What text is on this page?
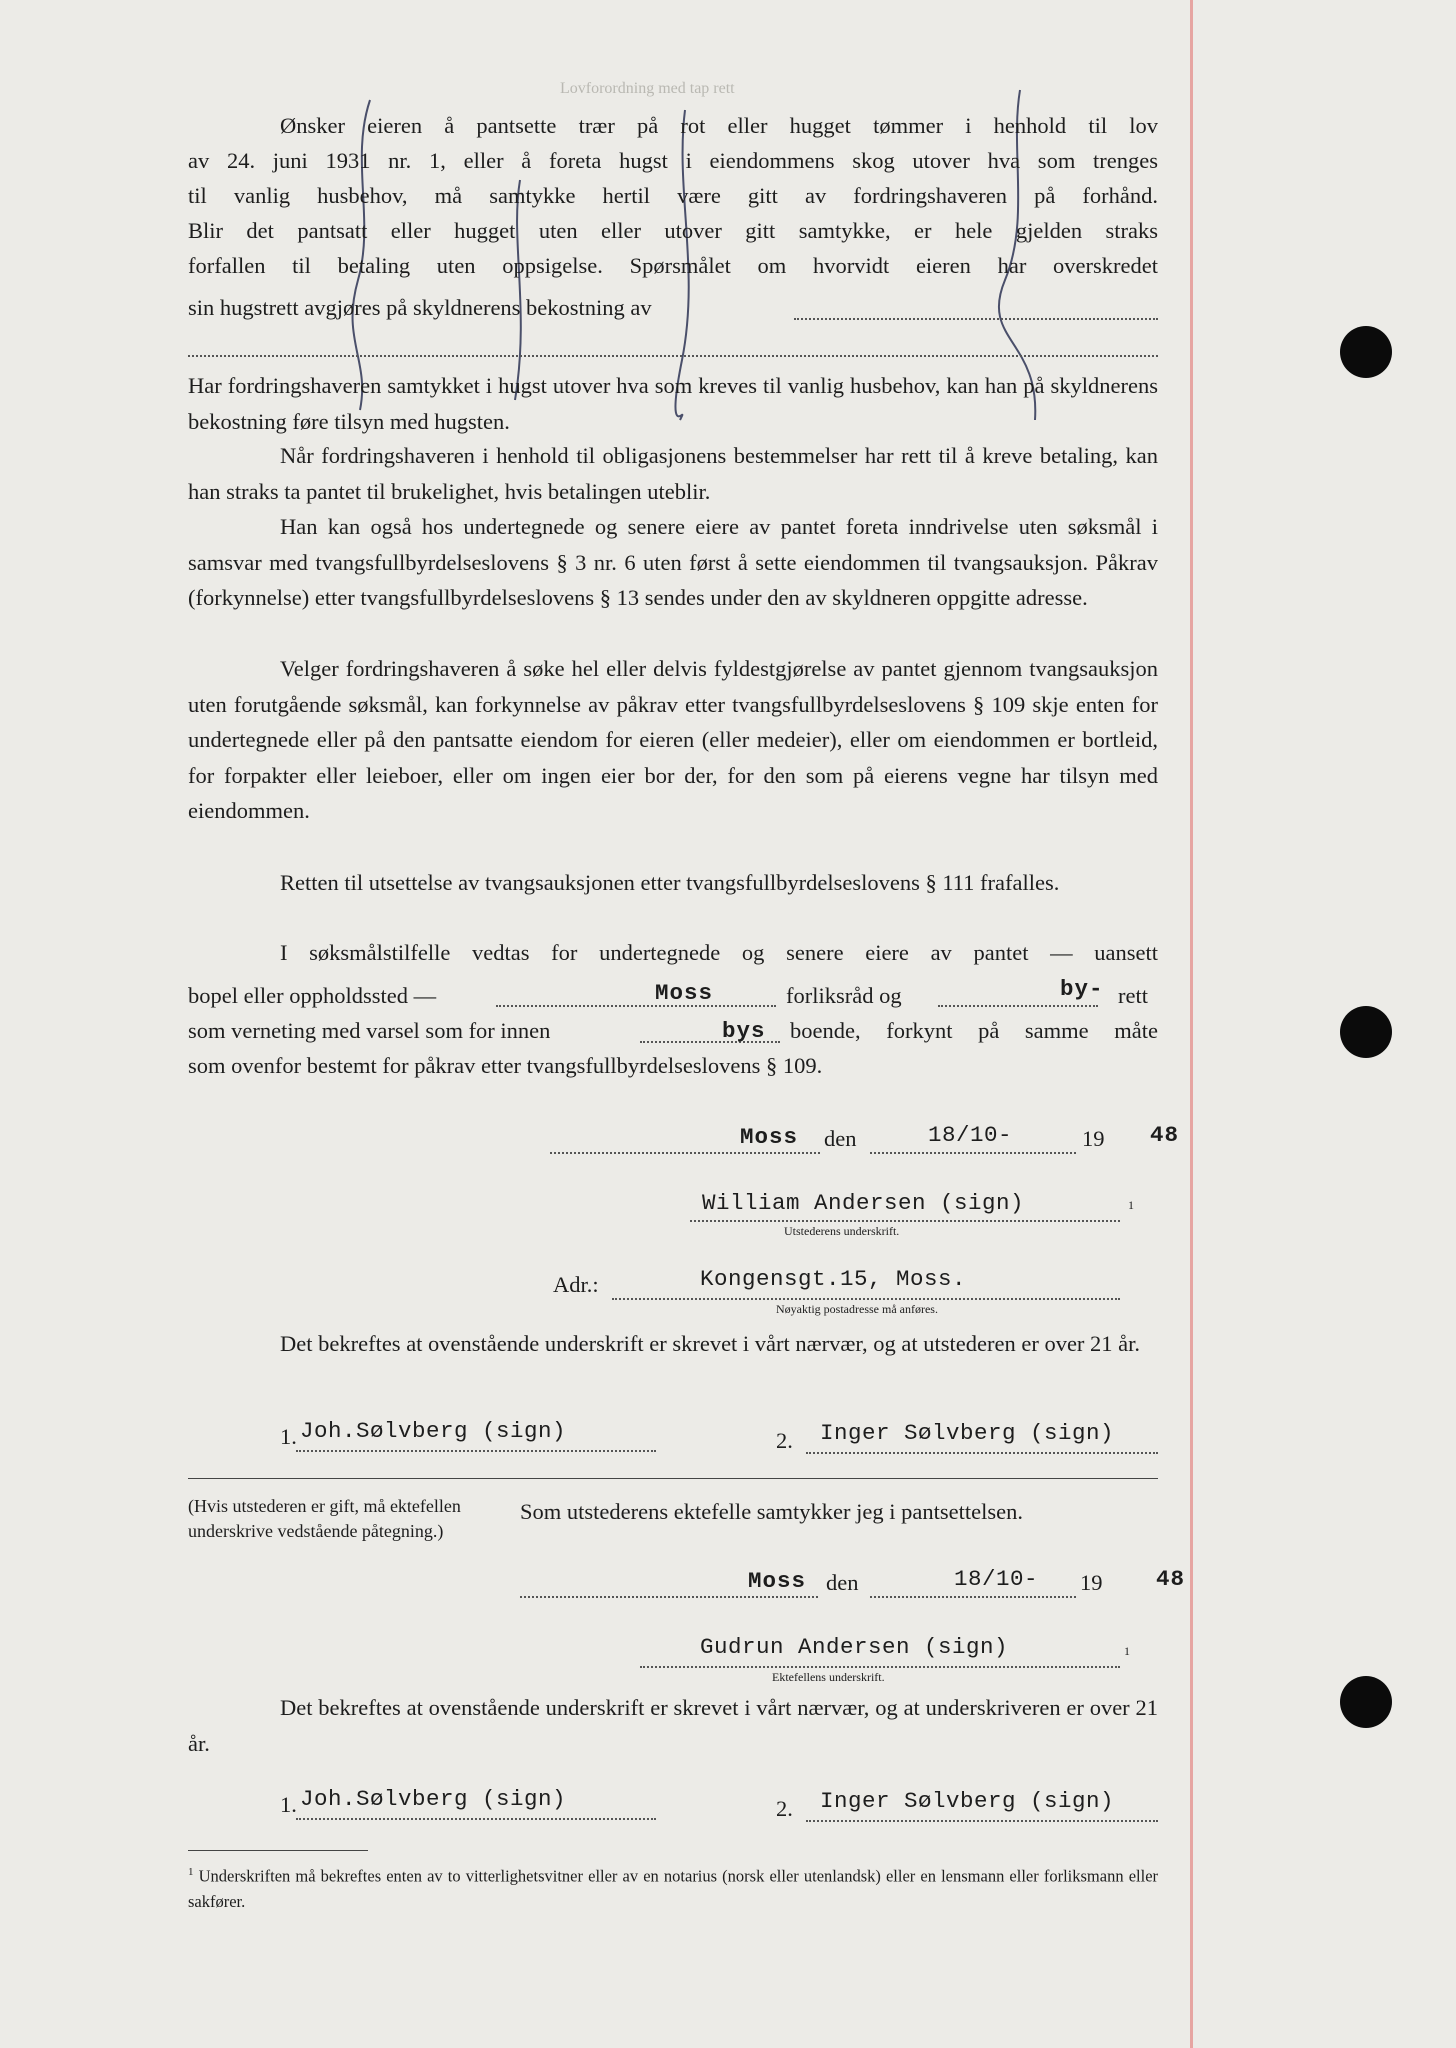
Lovforordning med tap rett
Ønsker eieren å pantsette trær på rot eller hugget tømmer i henhold til lov
av 24. juni 1931 nr. 1, eller å foreta hugst i eiendommens skog utover hva som trenges
til vanlig husbehov, må samtykke hertil være gitt av fordringshaveren på forhånd.
Blir det pantsatt eller hugget uten eller utover gitt samtykke, er hele gjelden straks
forfallen til betaling uten oppsigelse. Spørsmålet om hvorvidt eieren har overskredet
sin hugstrett avgjøres på skyldnerens bekostning av
Har fordringshaveren samtykket i hugst utover hva som kreves til vanlig husbehov, kan han på skyldnerens bekostning føre tilsyn med hugsten.
Når fordringshaveren i henhold til obligasjonens bestemmelser har rett til å kreve betaling, kan han straks ta pantet til brukelighet, hvis betalingen uteblir.
Han kan også hos undertegnede og senere eiere av pantet foreta inndrivelse uten søksmål i samsvar med tvangsfullbyrdelseslovens § 3 nr. 6 uten først å sette eiendommen til tvangsauksjon. Påkrav (forkynnelse) etter tvangsfullbyrdelseslovens § 13 sendes under den av skyldneren oppgitte adresse.
Velger fordringshaveren å søke hel eller delvis fyldestgjørelse av pantet gjennom tvangsauksjon uten forutgående søksmål, kan forkynnelse av påkrav etter tvangsfullbyrdelseslovens § 109 skje enten for undertegnede eller på den pantsatte eiendom for eieren (eller medeier), eller om eiendommen er bortleid, for forpakter eller leieboer, eller om ingen eier bor der, for den som på eierens vegne har tilsyn med eiendommen.
Retten til utsettelse av tvangsauksjonen etter tvangsfullbyrdelseslovens § 111 frafalles.
I søksmålstilfelle vedtas for undertegnede og senere eiere av pantet — uansett
bopel eller oppholdssted —	Moss	forliksråd og	by- rett
som verneting med varsel som for innen	bys boende, forkynt på samme måte
som ovenfor bestemt for påkrav etter tvangsfullbyrdelseslovens § 109.
Moss den	18/10-	19 48
William Andersen (sign)	1
Utstederens underskrift.
Adr.:	Kongensgt.15, Moss.
Nøyaktig postadresse må anføres.
Det bekreftes at ovenstående underskrift er skrevet i vårt nærvær, og at utstederen er over 21 år.
1. Joh.Sølvberg (sign)	2. Inger Sølvberg (sign)
(Hvis utstederen er gift, må ektefellen underskrive vedstående påtegning.)
Som utstederens ektefelle samtykker jeg i pantsettelsen.
Moss den	18/10- 19 48
Gudrun Andersen (sign)	1
Ektefellens underskrift.
Det bekreftes at ovenstående underskrift er skrevet i vårt nærvær, og at underskriveren er over 21 år.
1. Joh.Sølvberg (sign)	2. Inger Sølvberg (sign)
$^1$ Underskriften må bekreftes enten av to vitterlighetsvitner eller av en notarius (norsk eller utenlandsk) eller en lensmann eller forliksmann eller sakfører.
